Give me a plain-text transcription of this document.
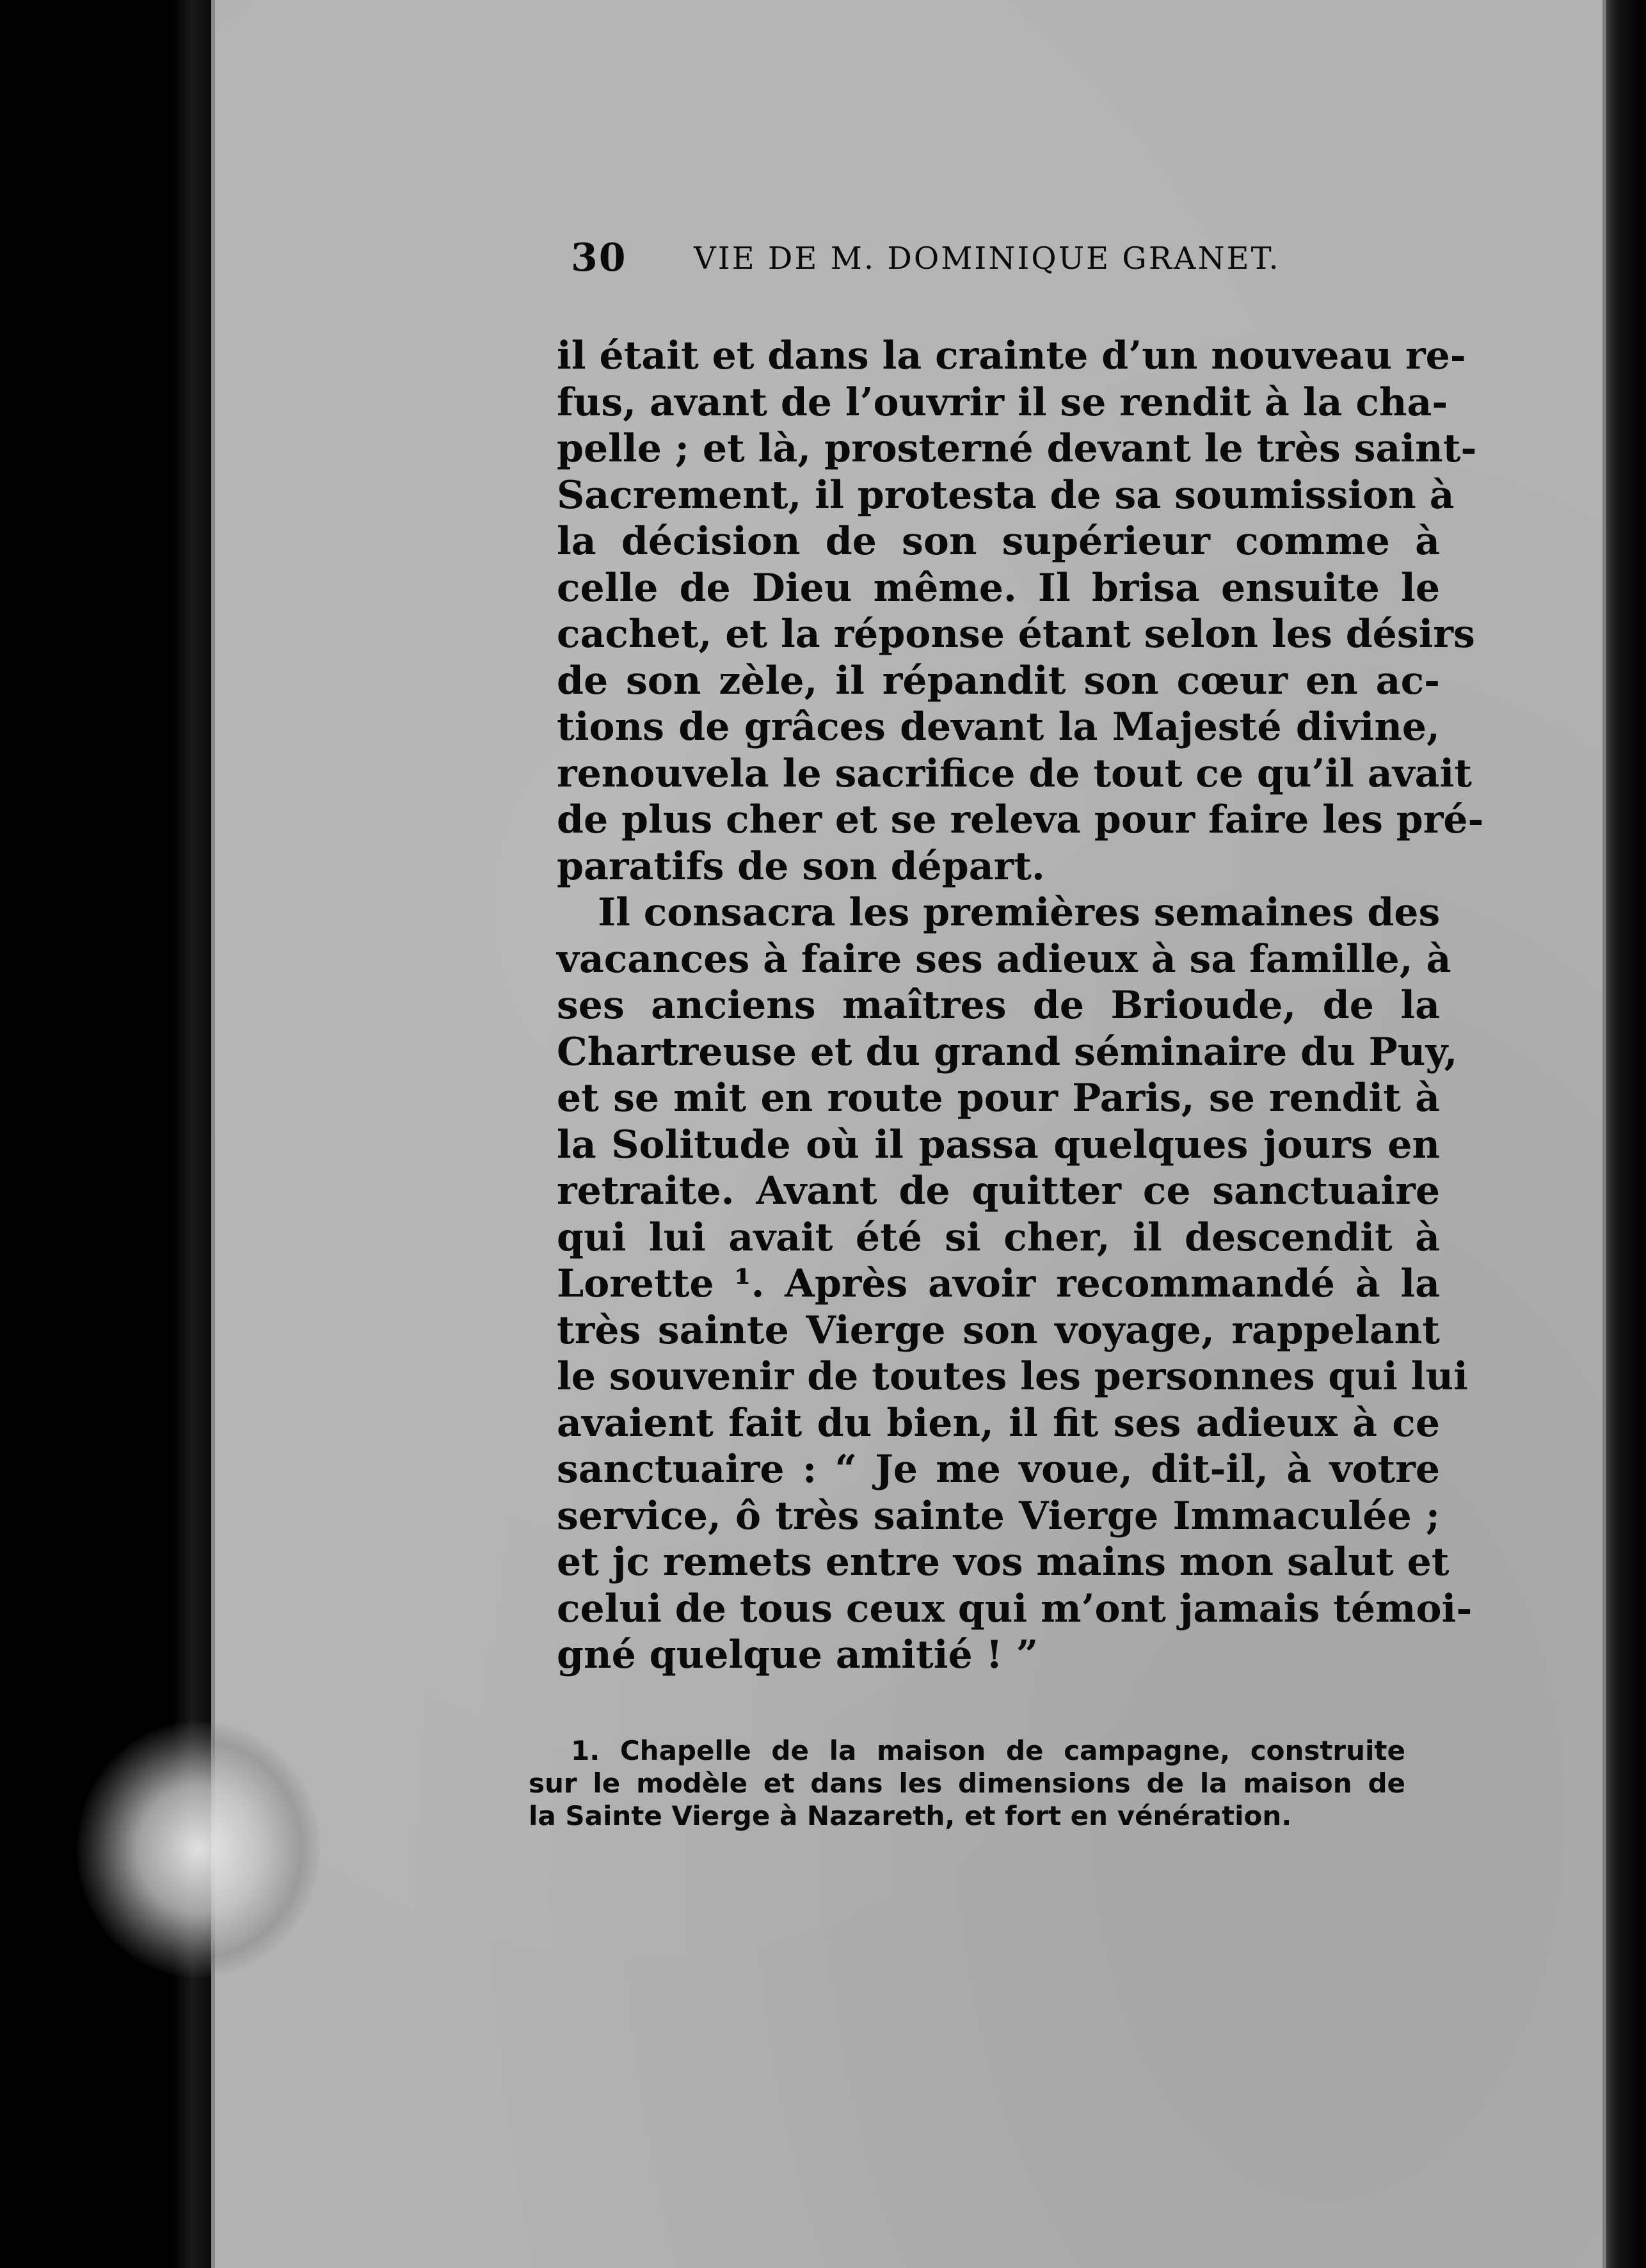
30 VIE DE M. DOMINIQUE GRANET.
il était et dans la crainte d’un nouveau re-
fus, avant de l’ouvrir il se rendit à la cha-
pelle ; et là, prosterné devant le très saint-
Sacrement, il protesta de sa soumission à
la décision de son supérieur comme à
celle de Dieu même. Il brisa ensuite le
cachet, et la réponse étant selon les désirs
de son zèle, il répandit son cœur en ac-
tions de grâces devant la Majesté divine,
renouvela le sacrifice de tout ce qu’il avait
de plus cher et se releva pour faire les pré-
paratifs de son départ.
Il consacra les premières semaines des
vacances à faire ses adieux à sa famille, à
ses anciens maîtres de Brioude, de la
Chartreuse et du grand séminaire du Puy,
et se mit en route pour Paris, se rendit à
la Solitude où il passa quelques jours en
retraite. Avant de quitter ce sanctuaire
qui lui avait été si cher, il descendit à
Lorette ¹. Après avoir recommandé à la
très sainte Vierge son voyage, rappelant
le souvenir de toutes les personnes qui lui
avaient fait du bien, il fit ses adieux à ce
sanctuaire : “ Je me voue, dit-il, à votre
service, ô très sainte Vierge Immaculée ;
et jc remets entre vos mains mon salut et
celui de tous ceux qui m’ont jamais témoi-
gné quelque amitié ! ”
1. Chapelle de la maison de campagne, construite
sur le modèle et dans les dimensions de la maison de
la Sainte Vierge à Nazareth, et fort en vénération.
